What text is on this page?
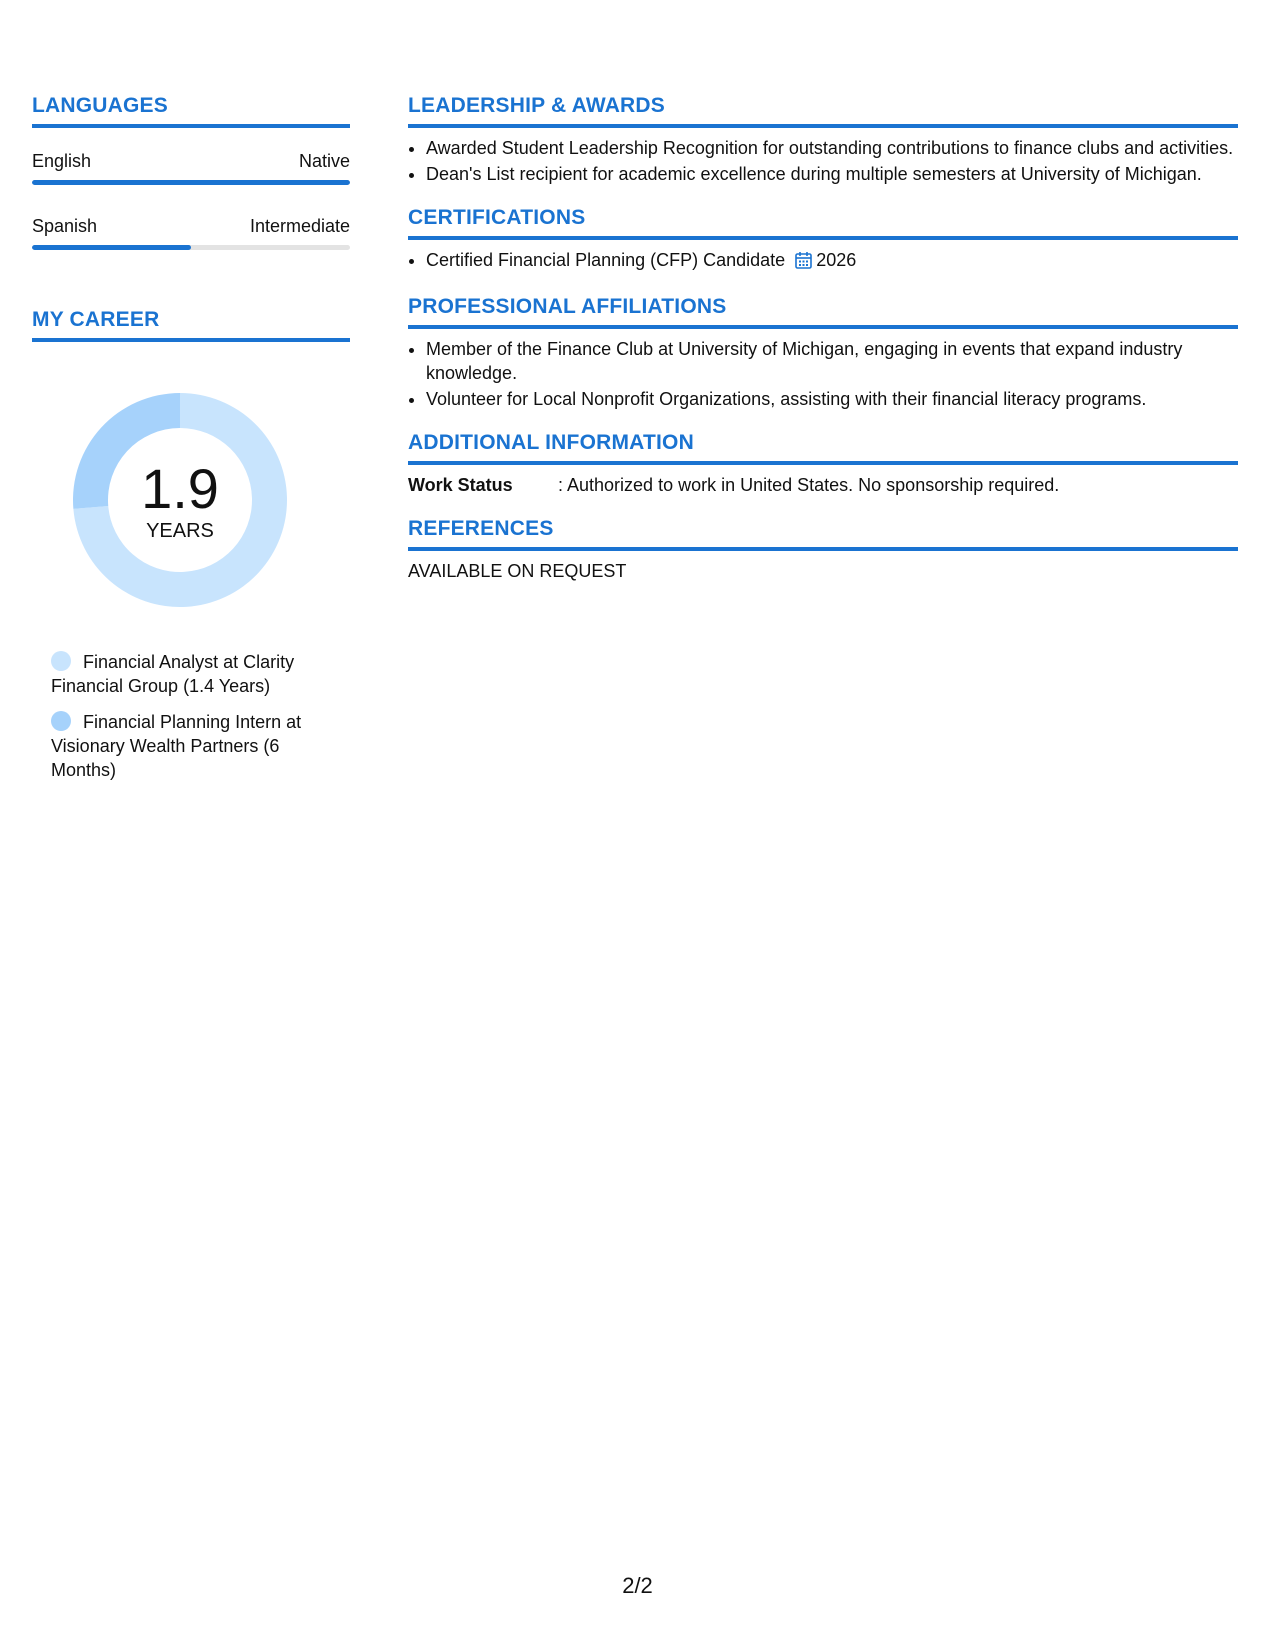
LANGUAGES
English	Native
Spanish	Intermediate
MY CAREER
1.9
YEARS
Financial Analyst at Clarity Financial Group (1.4 Years)
Financial Planning Intern at Visionary Wealth Partners (6 Months)
LEADERSHIP & AWARDS
• Awarded Student Leadership Recognition for outstanding contributions to finance clubs and activities.
• Dean's List recipient for academic excellence during multiple semesters at University of Michigan.
CERTIFICATIONS
• Certified Financial Planning (CFP) Candidate 2026
PROFESSIONAL AFFILIATIONS
• Member of the Finance Club at University of Michigan, engaging in events that expand industry knowledge.
• Volunteer for Local Nonprofit Organizations, assisting with their financial literacy programs.
ADDITIONAL INFORMATION
Work Status	: Authorized to work in United States. No sponsorship required.
REFERENCES
AVAILABLE ON REQUEST
2/2
